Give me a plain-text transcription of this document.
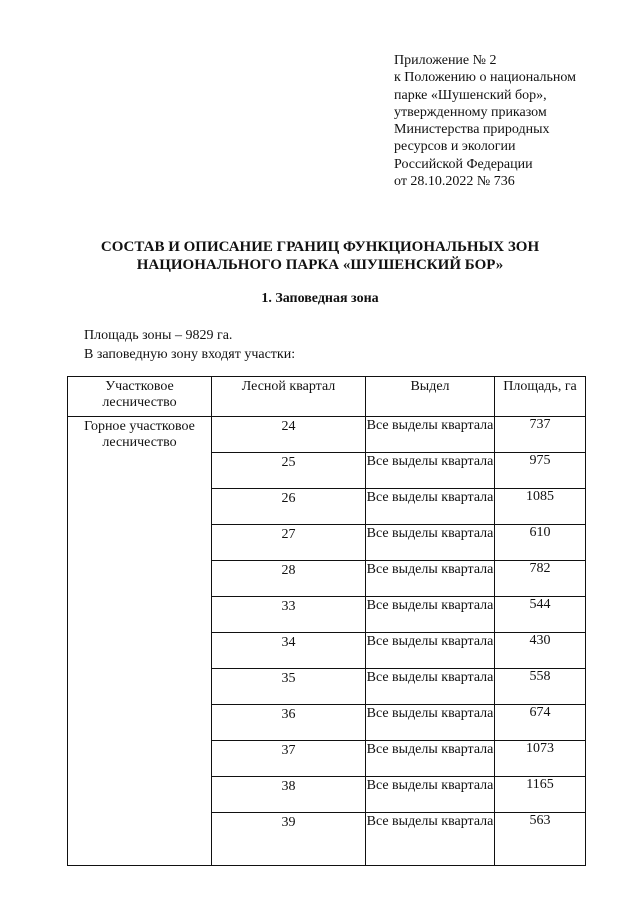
Приложение № 2
к Положению о национальном
парке «Шушенский бор»,
утвержденному приказом
Министерства природных
ресурсов и экологии
Российской Федерации
от 28.10.2022 № 736
СОСТАВ И ОПИСАНИЕ ГРАНИЦ ФУНКЦИОНАЛЬНЫХ ЗОН
НАЦИОНАЛЬНОГО ПАРКА «ШУШЕНСКИЙ БОР»
1. Заповедная зона
Площадь зоны – 9829 га.
В заповедную зону входят участки:
Участковое лесничество	Лесной квартал	Выдел	Площадь, га
Горное участковое лесничество	24	Все выделы квартала	737
	25	Все выделы квартала	975
	26	Все выделы квартала	1085
	27	Все выделы квартала	610
	28	Все выделы квартала	782
	33	Все выделы квартала	544
	34	Все выделы квартала	430
	35	Все выделы квартала	558
	36	Все выделы квартала	674
	37	Все выделы квартала	1073
	38	Все выделы квартала	1165
	39	Все выделы квартала	563
